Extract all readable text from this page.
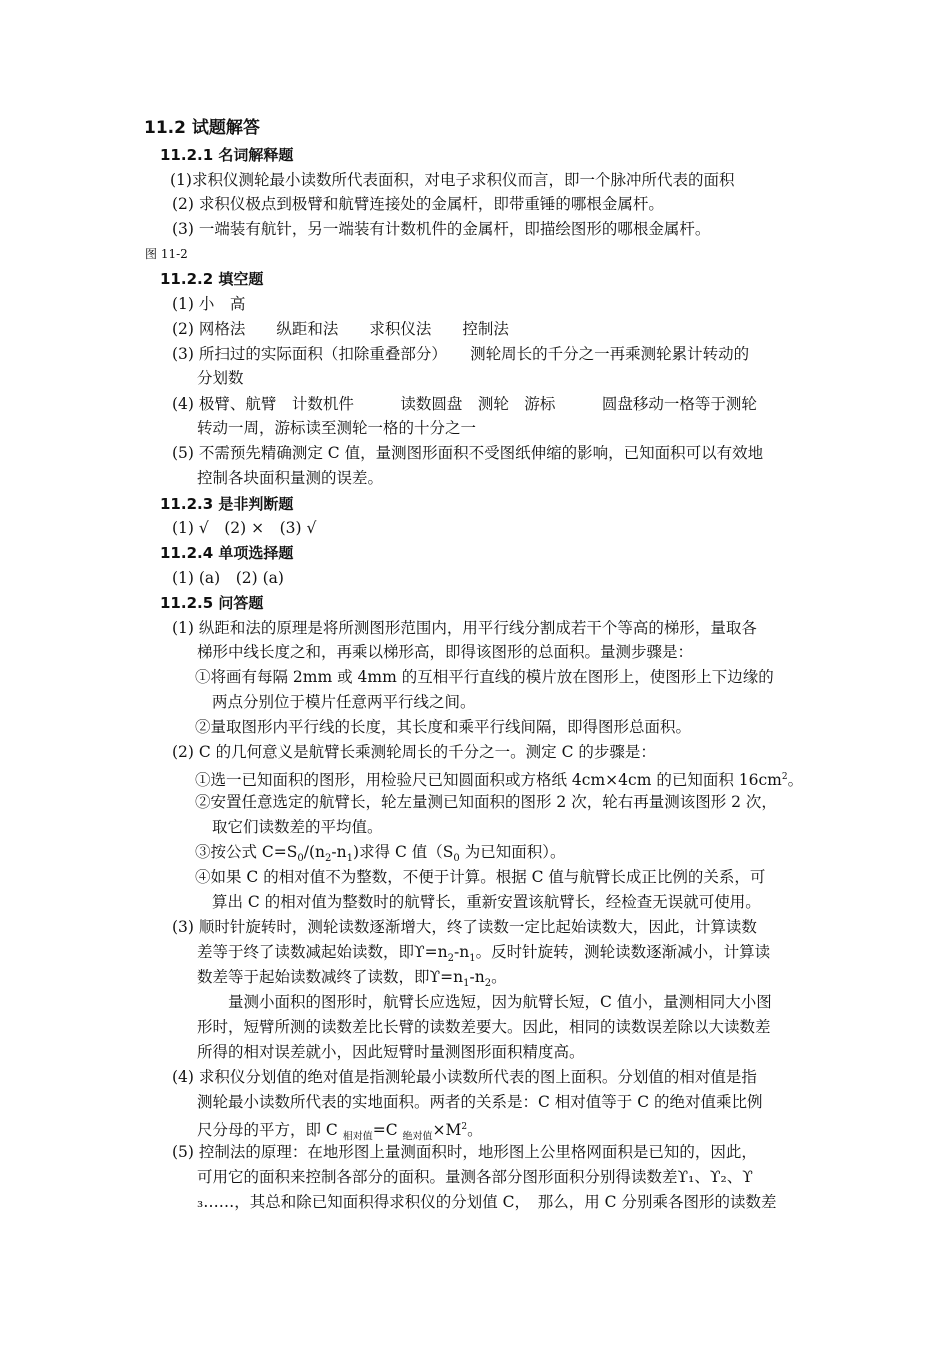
11.2 试题解答
11.2.1 名词解释题
(1)求积仪测轮最小读数所代表面积，对电子求积仪而言，即一个脉冲所代表的面积
(2) 求积仪极点到极臂和航臂连接处的金属杆，即带重锤的哪根金属杆。
(3) 一端装有航针，另一端装有计数机件的金属杆，即描绘图形的哪根金属杆。
图 11-2
11.2.2 填空题
(1) 小　高
(2) 网格法　　纵距和法　　求积仪法　　控制法
(3) 所扫过的实际面积（扣除重叠部分）　　测轮周长的千分之一再乘测轮累计转动的
分划数
(4) 极臂、航臂　计数机件　　　读数圆盘　测轮　游标　　　圆盘移动一格等于测轮
转动一周，游标读至测轮一格的十分之一
(5) 不需预先精确测定 C 值，量测图形面积不受图纸伸缩的影响，已知面积可以有效地
控制各块面积量测的误差。
11.2.3 是非判断题
(1) √　(2) ×　(3) √
11.2.4 单项选择题
(1) (a)　(2) (a)
11.2.5 问答题
(1) 纵距和法的原理是将所测图形范围内，用平行线分割成若干个等高的梯形，量取各
梯形中线长度之和，再乘以梯形高，即得该图形的总面积。量测步骤是：
①将画有每隔 2mm 或 4mm 的互相平行直线的模片放在图形上，使图形上下边缘的
两点分别位于模片任意两平行线之间。
②量取图形内平行线的长度，其长度和乘平行线间隔，即得图形总面积。
(2) C 的几何意义是航臂长乘测轮周长的千分之一。测定 C 的步骤是：
①选一已知面积的图形，用检验尺已知圆面积或方格纸 4cm×4cm 的已知面积 $16cm^2$。
②安置任意选定的航臂长，轮左量测已知面积的图形 2 次，轮右再量测该图形 2 次，
取它们读数差的平均值。
③按公式 $C=S_0/(n_2-n_1)$求得 C 值（$S_0$ 为已知面积）。
④如果 C 的相对值不为整数，不便于计算。根据 C 值与航臂长成正比例的关系，可
算出 C 的相对值为整数时的航臂长，重新安置该航臂长，经检查无误就可使用。
(3) 顺时针旋转时，测轮读数逐渐增大，终了读数一定比起始读数大，因此，计算读数
差等于终了读数减起始读数，即$ϒ=n_2-n_1$。反时针旋转，测轮读数逐渐减小，计算读
数差等于起始读数减终了读数，即$ϒ=n_1-n_2$。
量测小面积的图形时，航臂长应选短，因为航臂长短，C 值小，量测相同大小图
形时，短臂所测的读数差比长臂的读数差要大。因此，相同的读数误差除以大读数差
所得的相对误差就小，因此短臂时量测图形面积精度高。
(4) 求积仪分划值的绝对值是指测轮最小读数所代表的图上面积。分划值的相对值是指
测轮最小读数所代表的实地面积。两者的关系是：C 相对值等于 C 的绝对值乘比例
尺分母的平方，即 C $_{相对值}$=C $_{绝对值}\times M^2$。
(5) 控制法的原理：在地形图上量测面积时，地形图上公里格网面积是已知的，因此，
可用它的面积来控制各部分的面积。量测各部分图形面积分别得读数差ϒ₁、ϒ₂、ϒ
₃……，其总和除已知面积得求积仪的分划值 C，　那么，用 C 分别乘各图形的读数差
